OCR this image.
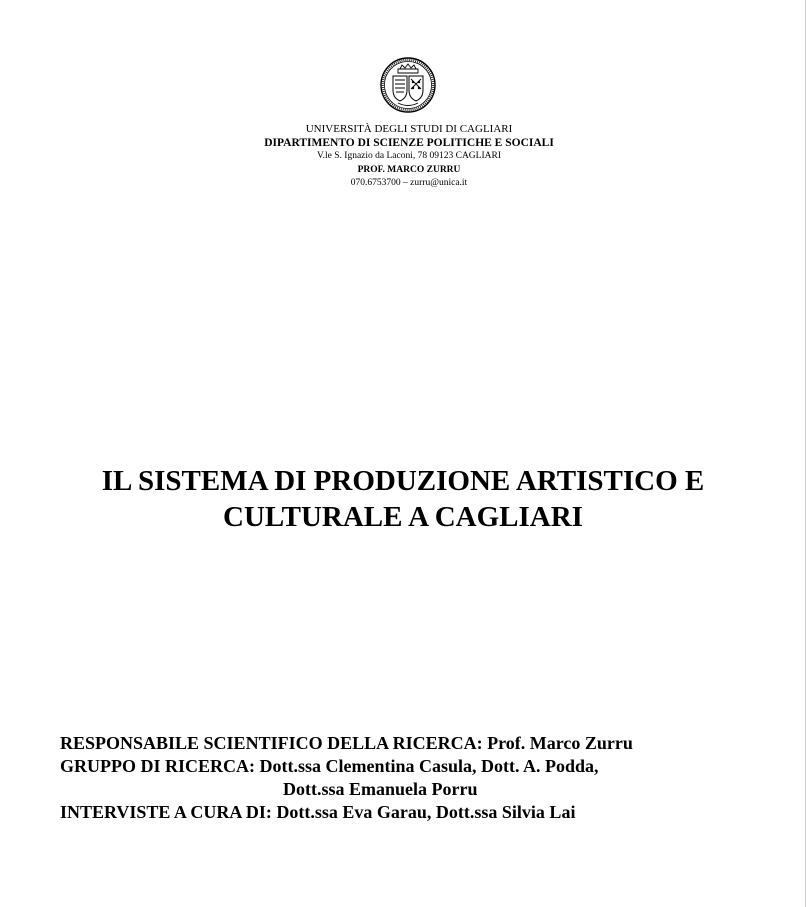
UNIVERSITÀ DEGLI STUDI DI CAGLIARI
DIPARTIMENTO DI SCIENZE POLITICHE E SOCIALI
V.le S. Ignazio da Laconi, 78 09123 CAGLIARI
PROF. MARCO ZURRU
070.6753700 – zurru@unica.it
IL SISTEMA DI PRODUZIONE ARTISTICO E
CULTURALE A CAGLIARI
RESPONSABILE SCIENTIFICO DELLA RICERCA: Prof. Marco Zurru
GRUPPO DI RICERCA: Dott.ssa Clementina Casula, Dott. A. Podda,
Dott.ssa Emanuela Porru
INTERVISTE A CURA DI: Dott.ssa Eva Garau, Dott.ssa Silvia Lai
